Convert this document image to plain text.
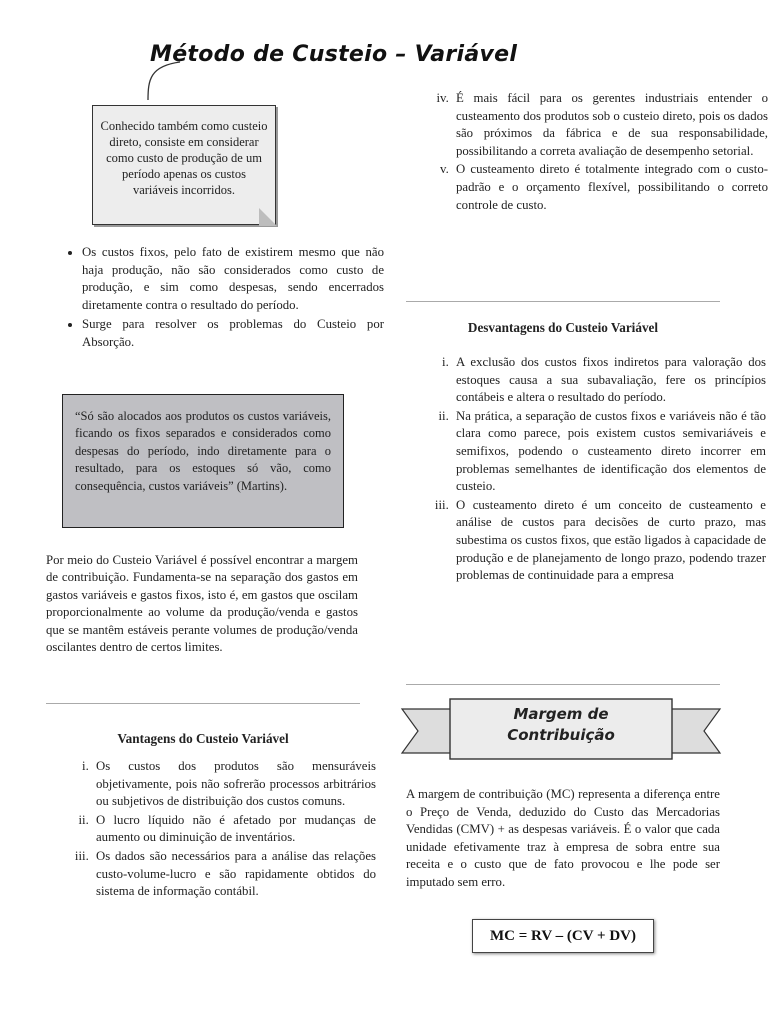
Método de Custeio – Variável
Conhecido também como custeio direto, consiste em considerar como custo de produção de um período apenas os custos variáveis incorridos.
• Os custos fixos, pelo fato de existirem mesmo que não haja produção, não são considerados como custo de produção, e sim como despesas, sendo encerrados diretamente contra o resultado do período.
• Surge para resolver os problemas do Custeio por Absorção.
“Só são alocados aos produtos os custos variáveis, ficando os fixos separados e considerados como despesas do período, indo diretamente para o resultado, para os estoques só vão, como consequência, custos variáveis” (Martins).
Por meio do Custeio Variável é possível encontrar a margem de contribuição. Fundamenta-se na separação dos gastos em gastos variáveis e gastos fixos, isto é, em gastos que oscilam proporcionalmente ao volume da produção/venda e gastos que se mantêm estáveis perante volumes de produção/venda oscilantes dentro de certos limites.
Vantagens do Custeio Variável
i. Os custos dos produtos são mensuráveis objetivamente, pois não sofrerão processos arbitrários ou subjetivos de distribuição dos custos comuns.
ii. O lucro líquido não é afetado por mudanças de aumento ou diminuição de inventários.
iii. Os dados são necessários para a análise das relações custo-volume-lucro e são rapidamente obtidos do sistema de informação contábil.
iv. É mais fácil para os gerentes industriais entender o custeamento dos produtos sob o custeio direto, pois os dados são próximos da fábrica e de sua responsabilidade, possibilitando a correta avaliação de desempenho setorial.
v. O custeamento direto é totalmente integrado com o custo-padrão e o orçamento flexível, possibilitando o correto controle de custo.
Desvantagens do Custeio Variável
i. A exclusão dos custos fixos indiretos para valoração dos estoques causa a sua subavaliação, fere os princípios contábeis e altera o resultado do período.
ii. Na prática, a separação de custos fixos e variáveis não é tão clara como parece, pois existem custos semivariáveis e semifixos, podendo o custeamento direto incorrer em problemas semelhantes de identificação dos elementos de custeio.
iii. O custeamento direto é um conceito de custeamento e análise de custos para decisões de curto prazo, mas subestima os custos fixos, que estão ligados à capacidade de produção e de planejamento de longo prazo, podendo trazer problemas de continuidade para a empresa
Margem de
Contribuição
A margem de contribuição (MC) representa a diferença entre o Preço de Venda, deduzido do Custo das Mercadorias Vendidas (CMV) + as despesas variáveis. É o valor que cada unidade efetivamente traz à empresa de sobra entre sua receita e o custo que de fato provocou e lhe pode ser imputado sem erro.
MC = RV – (CV + DV)
